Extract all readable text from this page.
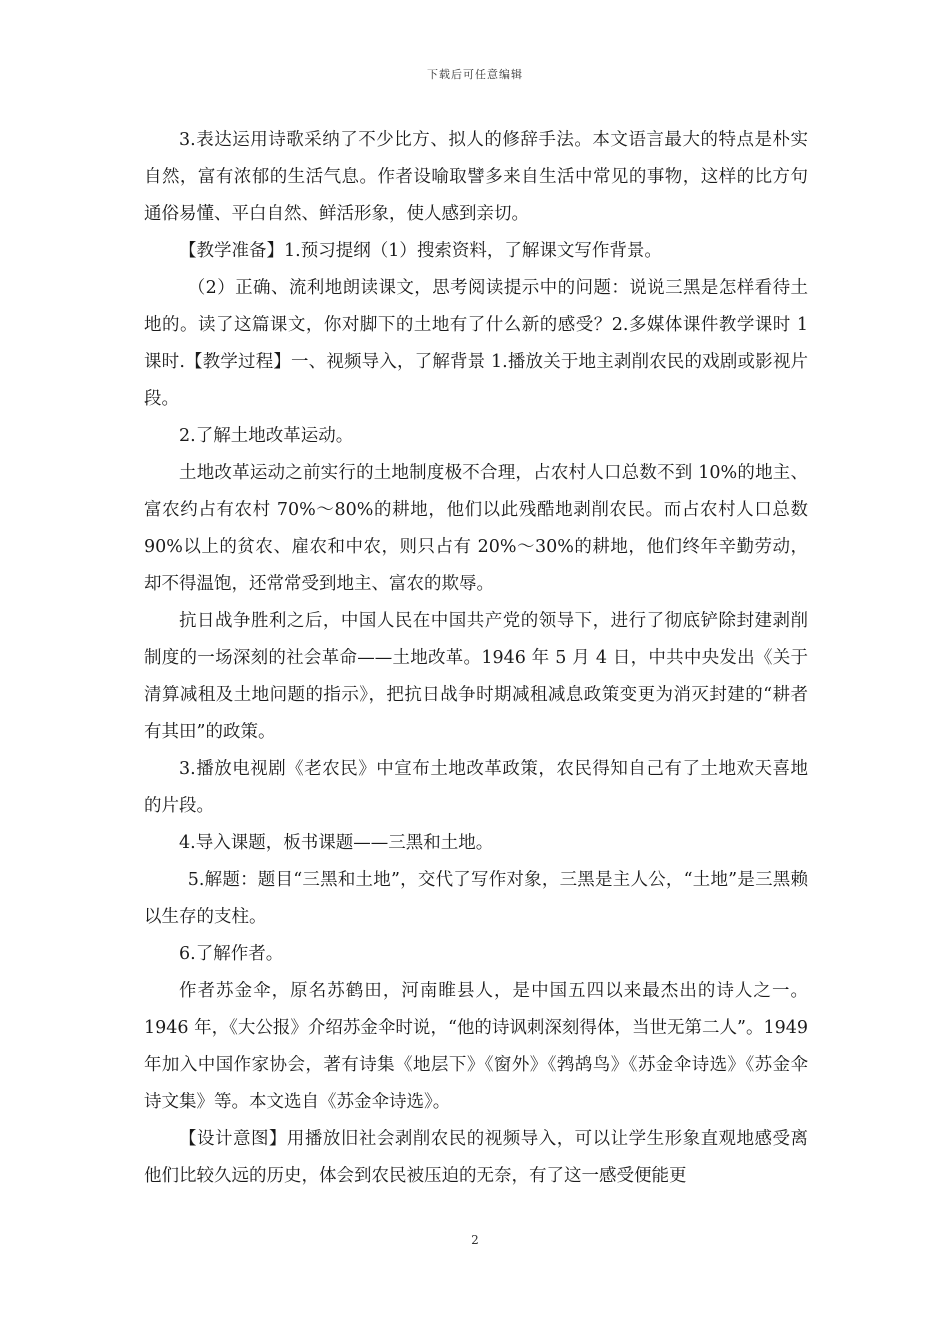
下载后可任意编辑

3.表达运用诗歌采纳了不少比方、拟人的修辞手法。本文语言最大的特点是朴实自然，富有浓郁的生活气息。作者设喻取譬多来自生活中常见的事物，这样的比方句通俗易懂、平白自然、鲜活形象，使人感到亲切。

【教学准备】1.预习提纲（1）搜索资料，了解课文写作背景。

（2）正确、流利地朗读课文，思考阅读提示中的问题：说说三黑是怎样看待土地的。读了这篇课文，你对脚下的土地有了什么新的感受？2.多媒体课件教学课时 1 课时.【教学过程】一、视频导入，了解背景 1.播放关于地主剥削农民的戏剧或影视片段。

2.了解土地改革运动。

土地改革运动之前实行的土地制度极不合理，占农村人口总数不到 10%的地主、富农约占有农村 70%～80%的耕地，他们以此残酷地剥削农民。而占农村人口总数 90%以上的贫农、雇农和中农，则只占有 20%～30%的耕地，他们终年辛勤劳动，却不得温饱，还常常受到地主、富农的欺辱。

抗日战争胜利之后，中国人民在中国共产党的领导下，进行了彻底铲除封建剥削制度的一场深刻的社会革命——土地改革。1946 年 5 月 4 日，中共中央发出《关于清算减租及土地问题的指示》，把抗日战争时期减租减息政策变更为消灭封建的“耕者有其田”的政策。

3.播放电视剧《老农民》中宣布土地改革政策，农民得知自己有了土地欢天喜地的片段。

4.导入课题，板书课题——三黑和土地。

5.解题：题目“三黑和土地”，交代了写作对象，三黑是主人公，“土地”是三黑赖以生存的支柱。

6.了解作者。

作者苏金伞，原名苏鹤田，河南睢县人，是中国五四以来最杰出的诗人之一。1946 年，《大公报》介绍苏金伞时说，“他的诗讽刺深刻得体，当世无第二人”。1949 年加入中国作家协会，著有诗集《地层下》《窗外》《鹁鸪鸟》《苏金伞诗选》《苏金伞诗文集》等。本文选自《苏金伞诗选》。

【设计意图】用播放旧社会剥削农民的视频导入，可以让学生形象直观地感受离他们比较久远的历史，体会到农民被压迫的无奈，有了这一感受便能更

2
